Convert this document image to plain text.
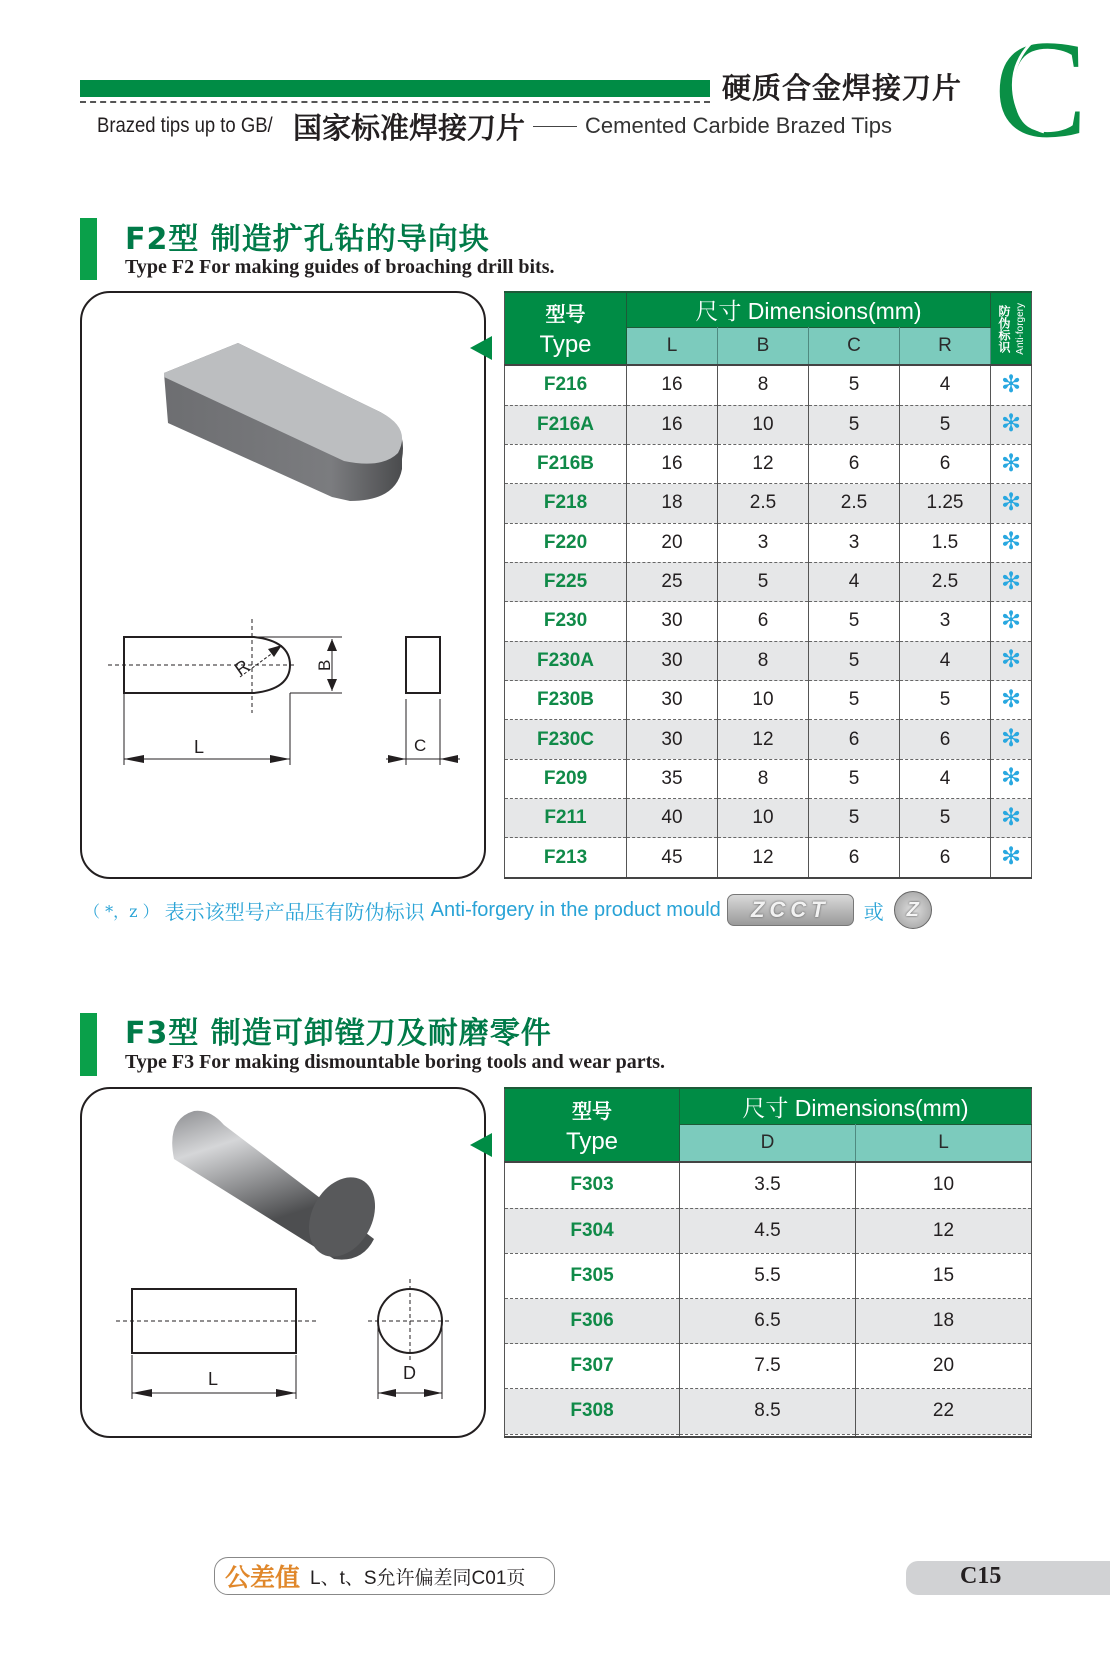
硬质合金焊接刀片
Brazed tips up to GB/ 国家标准焊接刀片	Cemented Carbide Brazed Tips C
F2型 制造扩孔钻的导向块
Type F2 For making guides of broaching drill bits.
R	B
L	C
型号
Type
	尺寸 Dimensions(mm)	防伪标识 Anti-forgery

	L	B	C	R	
F216	16	8	5	4	✻
F216A	16	10	5	5	✻
F216B	16	12	6	6	✻
F218	18	2.5	2.5	1.25	✻
F220	20	3	3	1.5	✻
F225	25	5	4	2.5	✻
F230	30	6	5	3	✻
F230A	30	8	5	4	✻
F230B	30	10	5	5	✻
F230C	30	12	6	6	✻
F209	35	8	5	4	✻
F211	40	10	5	5	✻
F213	45	12	6	6	✻
（ *，z ） 表示该型号产品压有防伪标识 Anti-forgery in the product mould	ZCCT	或	Z
F3型 制造可卸镗刀及耐磨零件
Type F3 For making dismountable boring tools and wear parts.
L	D
型号
Type	尺寸 Dimensions(mm)	
	D	L
F303	3.5	10
F304	4.5	12
F305	5.5	15
F306	6.5	18
F307	7.5	20
F308	8.5	22

公差值 L、t、S允许偏差同C01页	C15
